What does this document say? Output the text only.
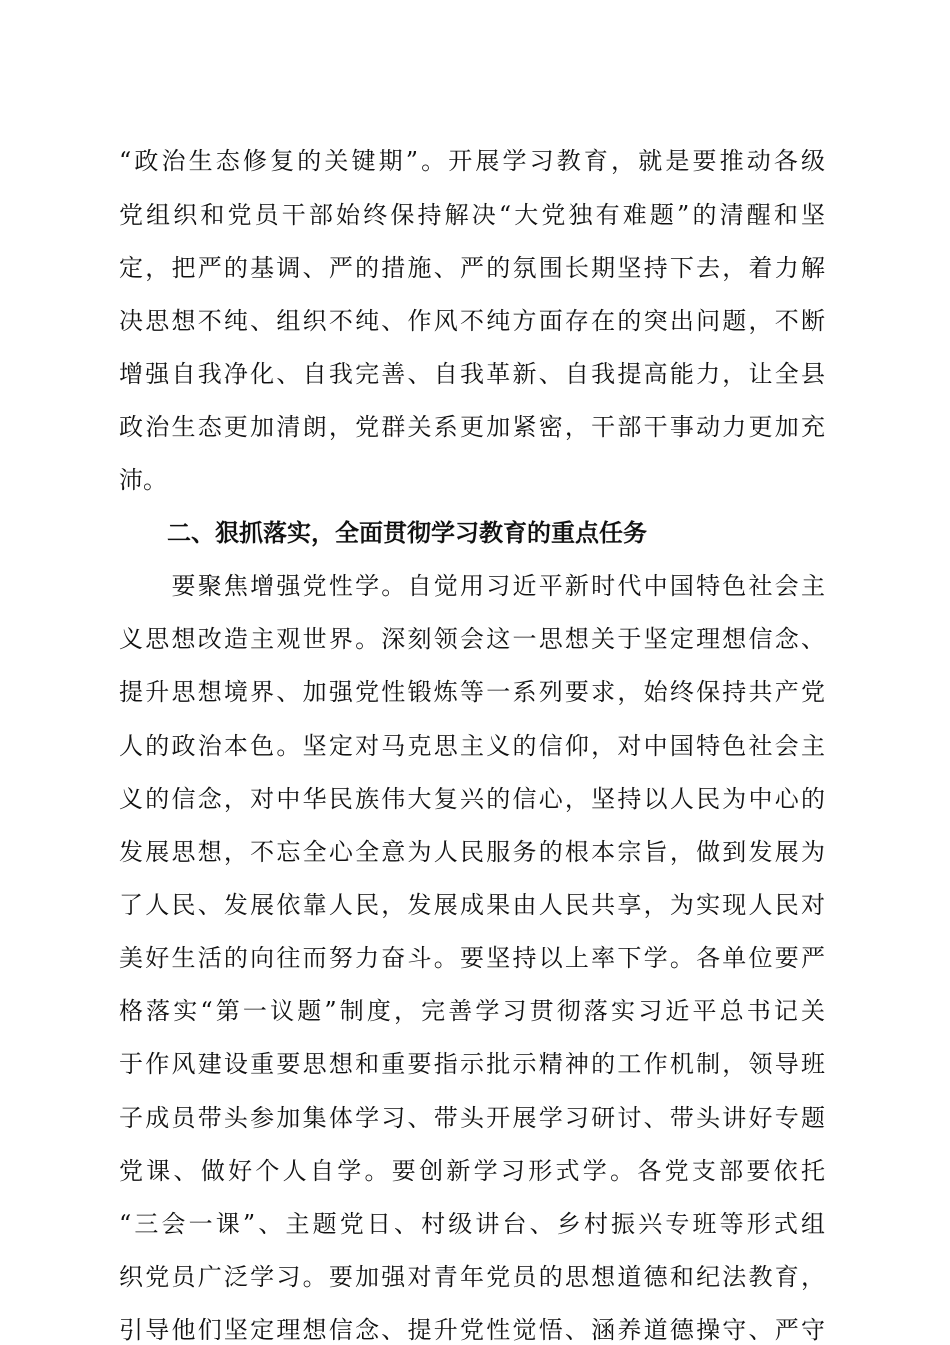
“政治生态修复的关键期”。开展学习教育，就是要推动各级
党组织和党员干部始终保持解决“大党独有难题”的清醒和坚
定，把严的基调、严的措施、严的氛围长期坚持下去，着力解
决思想不纯、组织不纯、作风不纯方面存在的突出问题，不断
增强自我净化、自我完善、自我革新、自我提高能力，让全县
政治生态更加清朗，党群关系更加紧密，干部干事动力更加充
沛。
二、狠抓落实，全面贯彻学习教育的重点任务
　　要聚焦增强党性学。自觉用习近平新时代中国特色社会主
义思想改造主观世界。深刻领会这一思想关于坚定理想信念、
提升思想境界、加强党性锻炼等一系列要求，始终保持共产党
人的政治本色。坚定对马克思主义的信仰，对中国特色社会主
义的信念，对中华民族伟大复兴的信心，坚持以人民为中心的
发展思想，不忘全心全意为人民服务的根本宗旨，做到发展为
了人民、发展依靠人民，发展成果由人民共享，为实现人民对
美好生活的向往而努力奋斗。要坚持以上率下学。各单位要严
格落实“第一议题”制度，完善学习贯彻落实习近平总书记关
于作风建设重要思想和重要指示批示精神的工作机制，领导班
子成员带头参加集体学习、带头开展学习研讨、带头讲好专题
党课、做好个人自学。要创新学习形式学。各党支部要依托
“三会一课”、主题党日、村级讲台、乡村振兴专班等形式组
织党员广泛学习。要加强对青年党员的思想道德和纪法教育，
引导他们坚定理想信念、提升党性觉悟、涵养道德操守、严守
